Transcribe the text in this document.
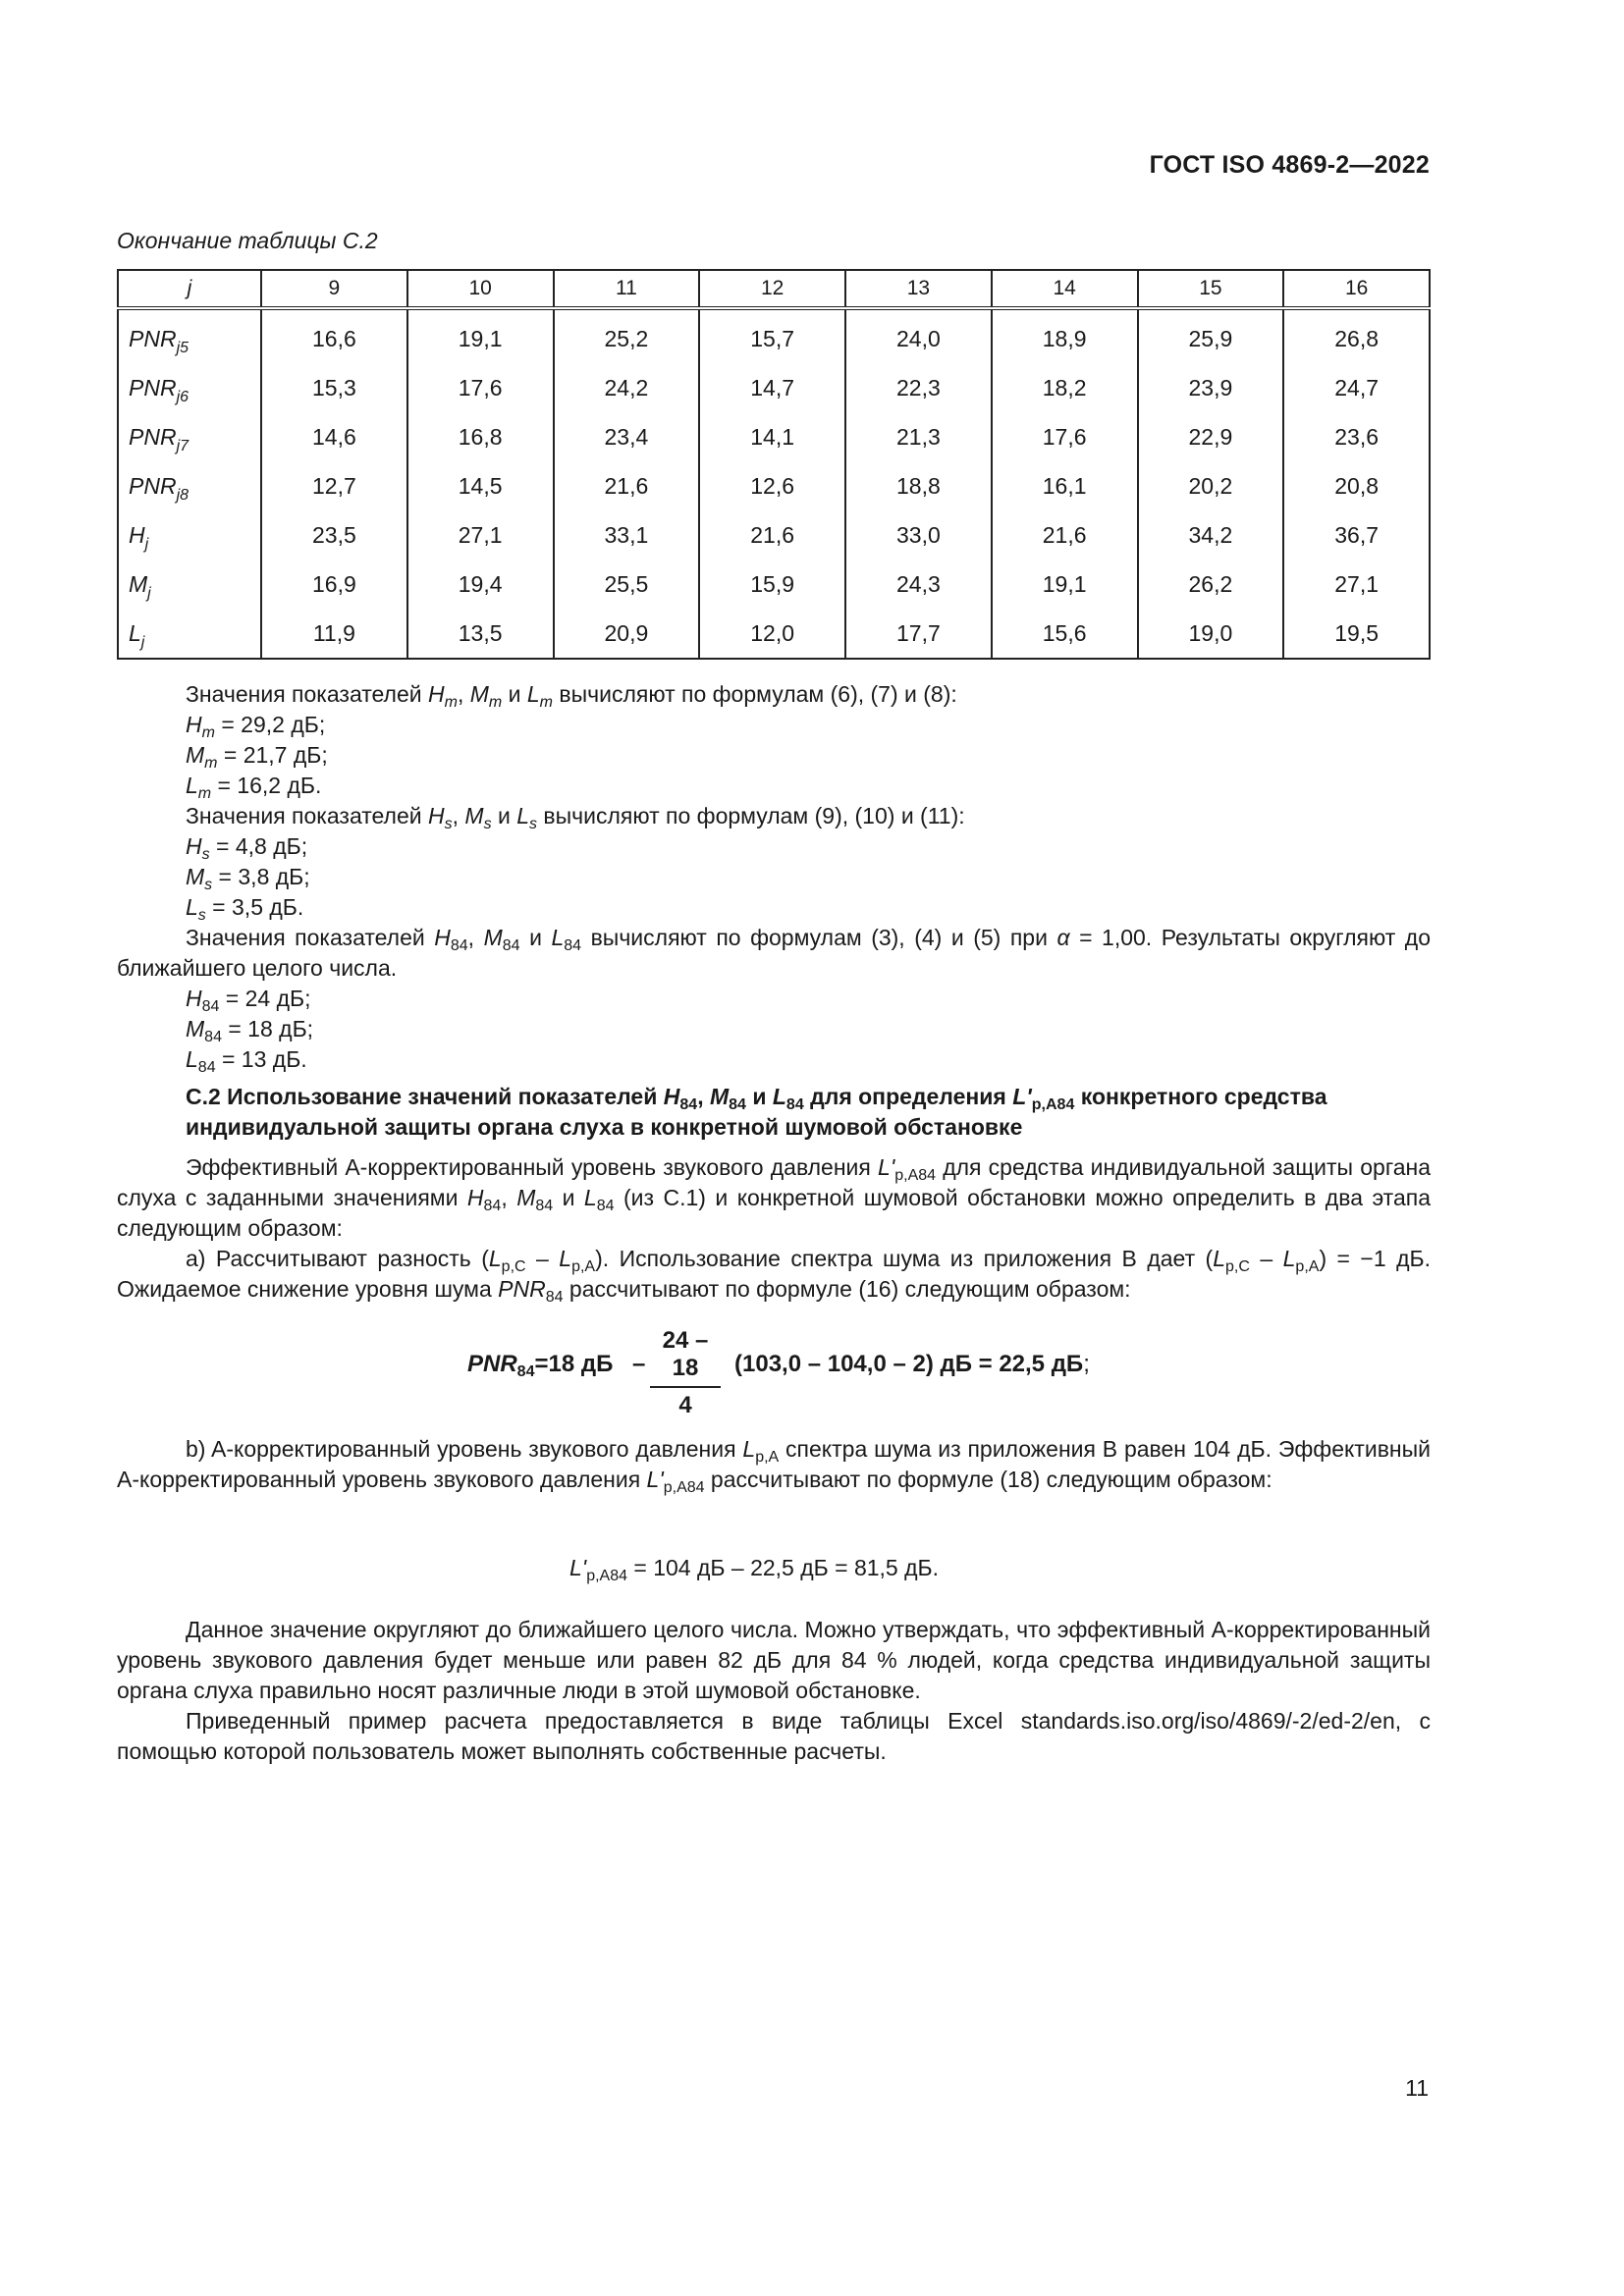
ГОСТ ISO 4869-2—2022
Окончание таблицы С.2
j	9	10	11	12	13	14	15	16
$PNR_{j5}$	16,6	19,1	25,2	15,7	24,0	18,9	25,9	26,8
$PNR_{j6}$	15,3	17,6	24,2	14,7	22,3	18,2	23,9	24,7
$PNR_{j7}$	14,6	16,8	23,4	14,1	21,3	17,6	22,9	23,6
$PNR_{j8}$	12,7	14,5	21,6	12,6	18,8	16,1	20,2	20,8
$H_j$	23,5	27,1	33,1	21,6	33,0	21,6	34,2	36,7
$M_j$	16,9	19,4	25,5	15,9	24,3	19,1	26,2	27,1
$L_j$	11,9	13,5	20,9	12,0	17,7	15,6	19,0	19,5

Значения показателей $H_m$, $M_m$ и $L_m$ вычисляют по формулам (6), (7) и (8):

$H_m = 29,2$ дБ;

$M_m = 21,7$ дБ;

$L_m = 16,2$ дБ.

Значения показателей $H_s$, $M_s$ и $L_s$ вычисляют по формулам (9), (10) и (11):

$H_s = 4,8$ дБ;

$M_s = 3,8$ дБ;

$L_s = 3,5$ дБ.

Значения показателей $H_{84}$, $M_{84}$ и $L_{84}$ вычисляют по формулам (3), (4) и (5) при α = 1,00. Результаты округляют до ближайшего целого числа.

$H_{84} = 24$ дБ;

$M_{84} = 18$ дБ;

$L_{84} = 13$ дБ.

С.2 Использование значений показателей $H_{84}$, $M_{84}$ и $L_{84}$ для определения $L'_{p,A84}$ конкретного средства индивидуальной защиты органа слуха в конкретной шумовой обстановке

Эффективный A-корректированный уровень звукового давления $L'_{p,A84}$ для средства индивидуальной защиты органа слуха с заданными значениями $H_{84}$, $M_{84}$ и $L_{84}$ (из С.1) и конкретной шумовой обстановки можно определить в два этапа следующим образом:

a) Рассчитывают разность $(L_{p,C} - L_{p,A})$. Использование спектра шума из приложения В дает $(L_{p,C} - L_{p,A}) = -1$ дБ. Ожидаемое снижение уровня шума $PNR_{84}$ рассчитывают по формуле (16) следующим образом:

$PNR_{84}=18$ дБ – $\frac{24 - 18}{4} (103,0 - 104,0 - 2)$ дБ = 22,5 дБ;

b) A-корректированный уровень звукового давления $L_{p,A}$ спектра шума из приложения В равен 104 дБ. Эффективный A-корректированный уровень звукового давления $L'_{p,A84}$ рассчитывают по формуле (18) следующим образом:

$L'_{p,A84} = 104$ дБ – 22,5 дБ = 81,5 дБ.

Данное значение округляют до ближайшего целого числа. Можно утверждать, что эффективный A-корректированный уровень звукового давления будет меньше или равен 82 дБ для 84 % людей, когда средства индивидуальной защиты органа слуха правильно носят различные люди в этой шумовой обстановке.

Приведенный пример расчета предоставляется в виде таблицы Excel standards.iso.org/iso/4869/-2/ed-2/en, с помощью которой пользователь может выполнять собственные расчеты.

11
